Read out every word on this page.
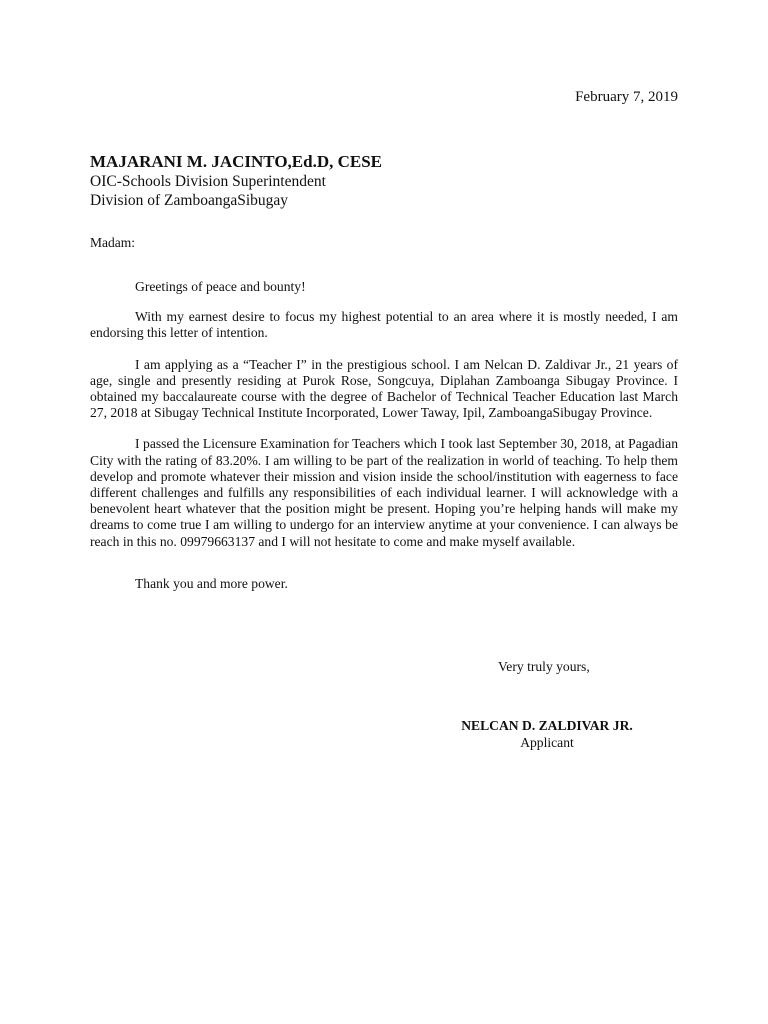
February 7, 2019

MAJARANI M. JACINTO,Ed.D, CESE

OIC-Schools Division Superintendent

Division of ZamboangaSibugay

Madam:

Greetings of peace and bounty!

With my earnest desire to focus my highest potential to an area where it is mostly needed, I am endorsing this letter of intention.

I am applying as a “Teacher I” in the prestigious school. I am Nelcan D. Zaldivar Jr., 21 years of age, single and presently residing at Purok Rose, Songcuya, Diplahan Zamboanga Sibugay Province. I obtained my baccalaureate course with the degree of Bachelor of Technical Teacher Education last March 27, 2018 at Sibugay Technical Institute Incorporated, Lower Taway, Ipil, ZamboangaSibugay Province.

I passed the Licensure Examination for Teachers which I took last September 30, 2018, at Pagadian City with the rating of 83.20%. I am willing to be part of the realization in world of teaching. To help them develop and promote whatever their mission and vision inside the school/institution with eagerness to face different challenges and fulfills any responsibilities of each individual learner. I will acknowledge with a benevolent heart whatever that the position might be present. Hoping you’re helping hands will make my dreams to come true I am willing to undergo for an interview anytime at your convenience. I can always be reach in this no. 09979663137 and I will not hesitate to come and make myself available.

Thank you and more power.

Very truly yours,
NELCAN D. ZALDIVAR JR.
Applicant
